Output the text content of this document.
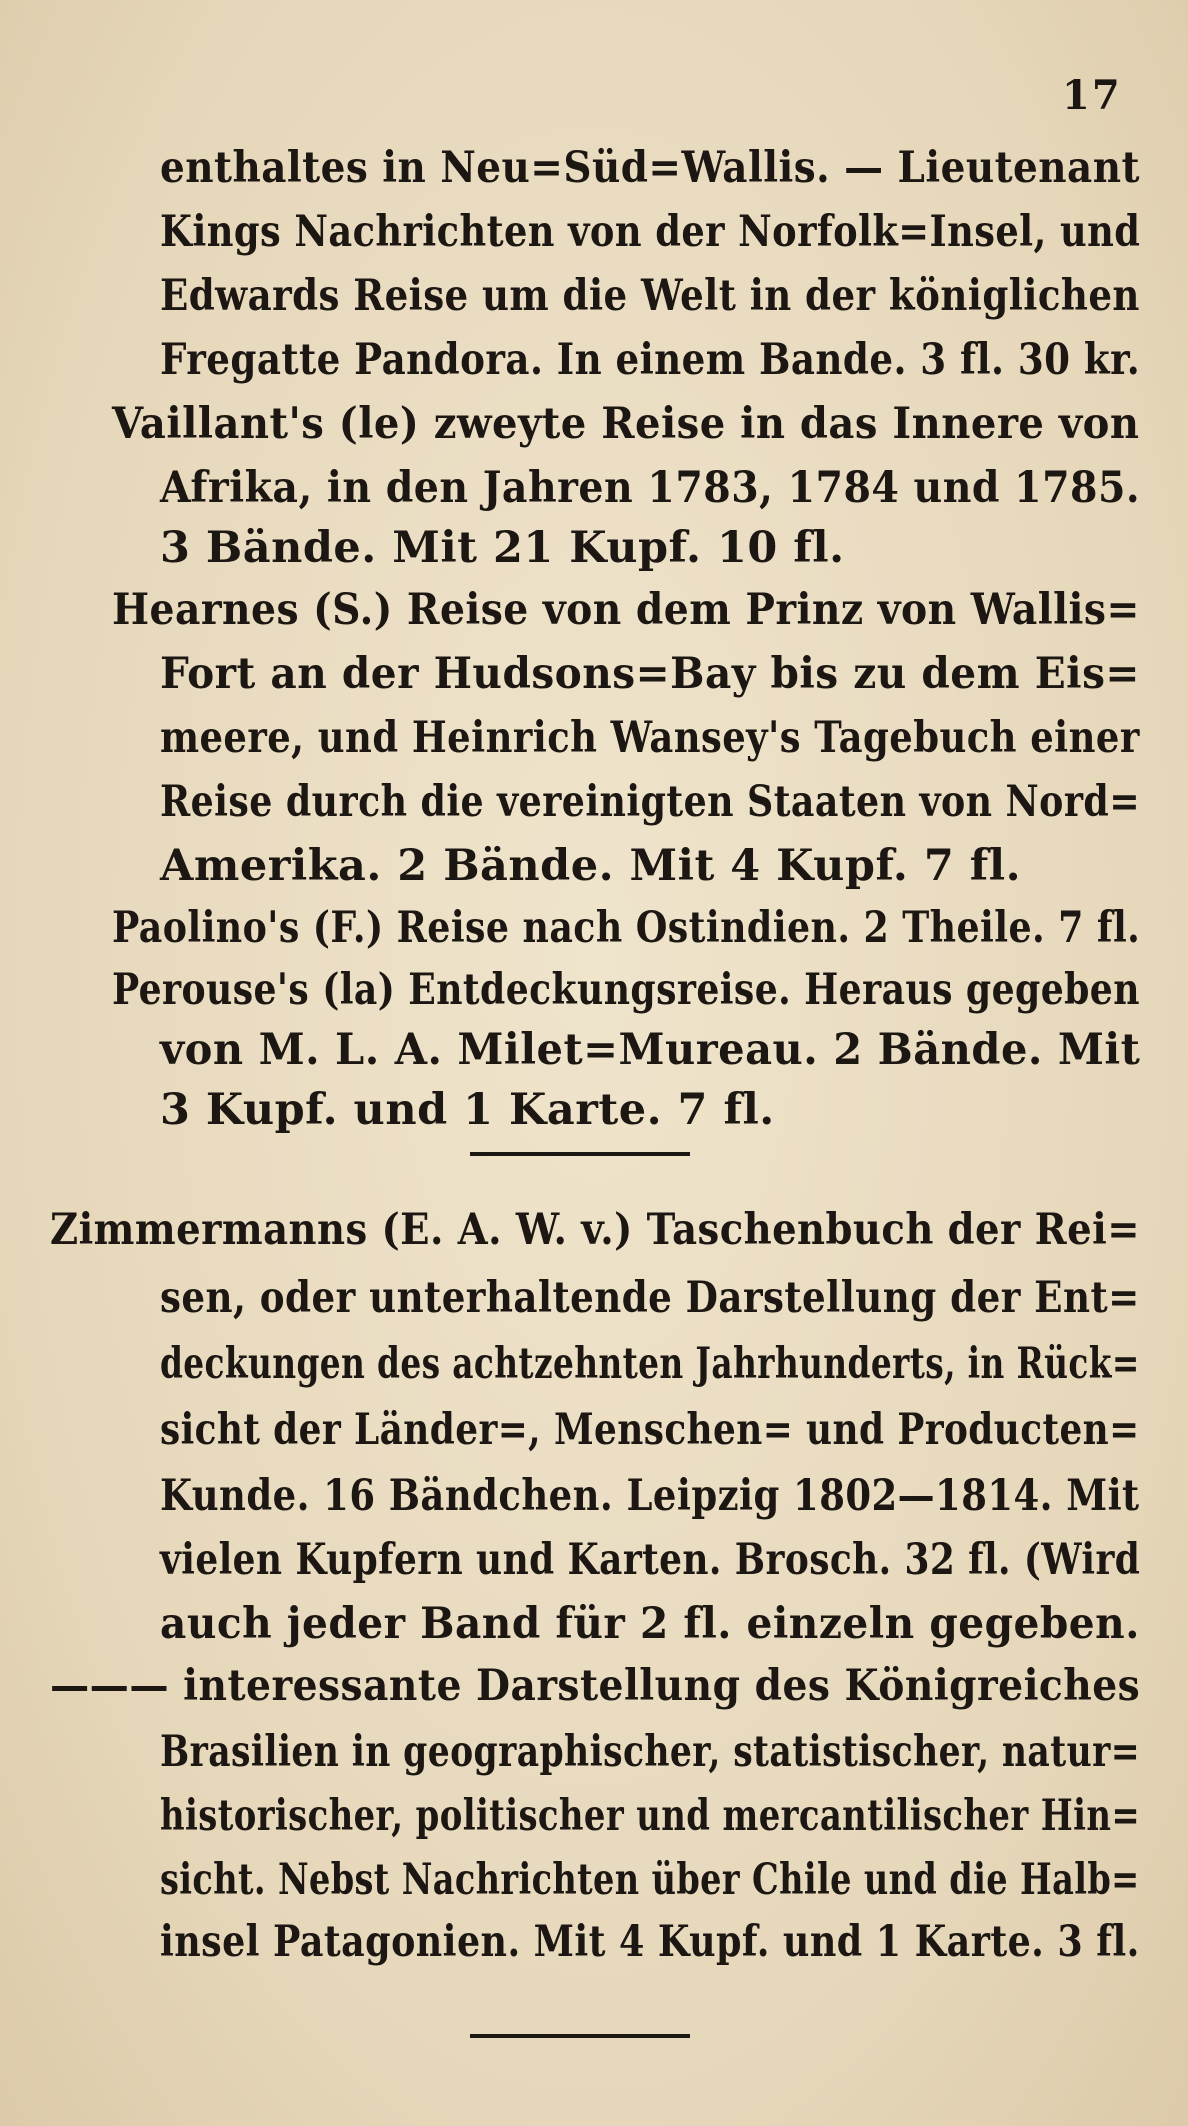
17
enthaltes in Neu=Süd=Wallis. — Lieutenant
Kings Nachrichten von der Norfolk=Insel, und
Edwards Reise um die Welt in der königlichen
Fregatte Pandora. In einem Bande. 3 fl. 30 kr.
Vaillant's (le) zweyte Reise in das Innere von
Afrika, in den Jahren 1783, 1784 und 1785.
3 Bände. Mit 21 Kupf. 10 fl.
Hearnes (S.) Reise von dem Prinz von Wallis=
Fort an der Hudsons=Bay bis zu dem Eis=
meere, und Heinrich Wansey's Tagebuch einer
Reise durch die vereinigten Staaten von Nord=
Amerika. 2 Bände. Mit 4 Kupf. 7 fl.
Paolino's (F.) Reise nach Ostindien. 2 Theile. 7 fl.
Perouse's (la) Entdeckungsreise. Heraus gegeben
von M. L. A. Milet=Mureau. 2 Bände. Mit
3 Kupf. und 1 Karte. 7 fl.
Zimmermanns (E. A. W. v.) Taschenbuch der Rei=
sen, oder unterhaltende Darstellung der Ent=
deckungen des achtzehnten Jahrhunderts, in Rück=
sicht der Länder=, Menschen= und Producten=
Kunde. 16 Bändchen. Leipzig 1802—1814. Mit
vielen Kupfern und Karten. Brosch. 32 fl. (Wird
auch jeder Band für 2 fl. einzeln gegeben.
——— interessante Darstellung des Königreiches
Brasilien in geographischer, statistischer, natur=
historischer, politischer und mercantilischer Hin=
sicht. Nebst Nachrichten über Chile und die Halb=
insel Patagonien. Mit 4 Kupf. und 1 Karte. 3 fl.
